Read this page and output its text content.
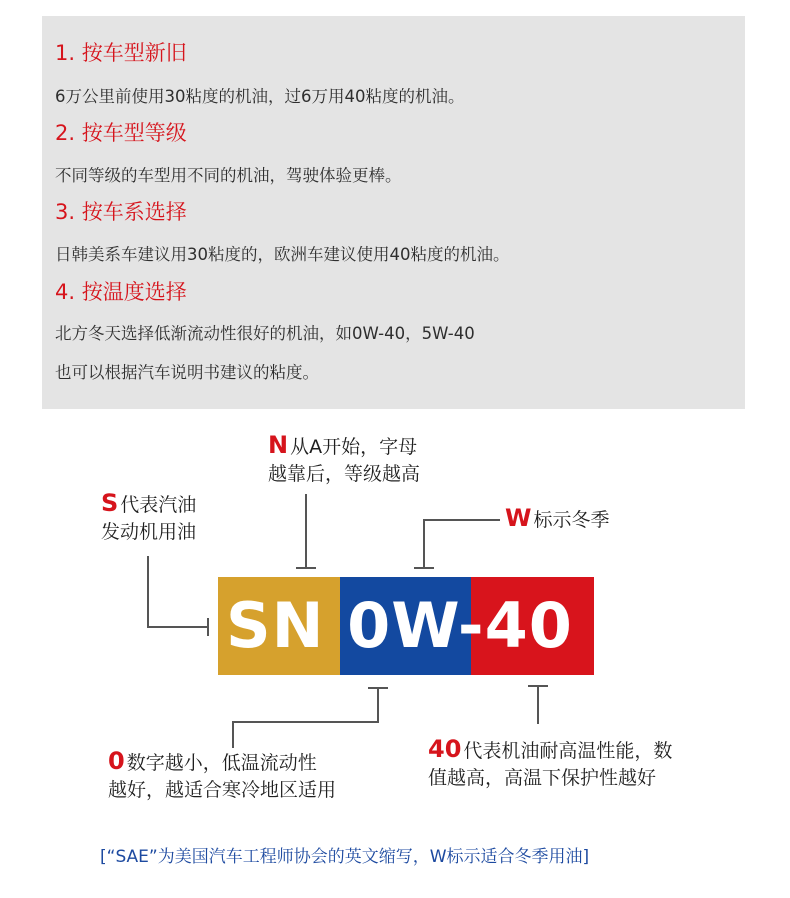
1. 按车型新旧
6万公里前使用30粘度的机油，过6万用40粘度的机油。
2. 按车型等级
不同等级的车型用不同的机油，驾驶体验更棒。
3. 按车系选择
日韩美系车建议用30粘度的，欧洲车建议使用40粘度的机油。
4. 按温度选择
北方冬天选择低渐流动性很好的机油，如0W-40，5W-40
也可以根据汽车说明书建议的粘度。
SN 0W-40
S 代表汽油
发动机用油
N 从A开始，字母
越靠后，等级越高
W 标示冬季
0 数字越小，低温流动性
越好，越适合寒冷地区适用
40 代表机油耐高温性能，数
值越高，高温下保护性越好
[“SAE”为美国汽车工程师协会的英文缩写，W标示适合冬季用油]
